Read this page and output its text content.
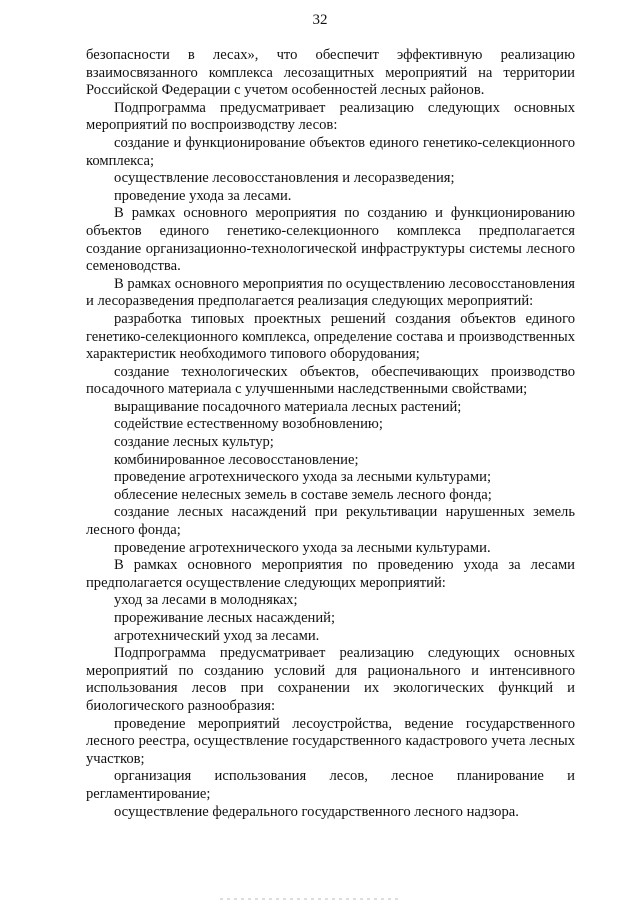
32

безопасности в лесах», что обеспечит эффективную реализацию взаимосвязанного комплекса лесозащитных мероприятий на территории Российской Федерации с учетом особенностей лесных районов.

Подпрограмма предусматривает реализацию следующих основных мероприятий по воспроизводству лесов:

создание и функционирование объектов единого генетико-селекционного комплекса;

осуществление лесовосстановления и лесоразведения;

проведение ухода за лесами.

В рамках основного мероприятия по созданию и функционированию объектов единого генетико-селекционного комплекса предполагается создание организационно-технологической инфраструктуры системы лесного семеноводства.

В рамках основного мероприятия по осуществлению лесовосстановления и лесоразведения предполагается реализация следующих мероприятий:

разработка типовых проектных решений создания объектов единого генетико-селекционного комплекса, определение состава и производственных характеристик необходимого типового оборудования;

создание технологических объектов, обеспечивающих производство посадочного материала с улучшенными наследственными свойствами;

выращивание посадочного материала лесных растений;

содействие естественному возобновлению;

создание лесных культур;

комбинированное лесовосстановление;

проведение агротехнического ухода за лесными культурами;

облесение нелесных земель в составе земель лесного фонда;

создание лесных насаждений при рекультивации нарушенных земель лесного фонда;

проведение агротехнического ухода за лесными культурами.

В рамках основного мероприятия по проведению ухода за лесами предполагается осуществление следующих мероприятий:

уход за лесами в молодняках;

прореживание лесных насаждений;

агротехнический уход за лесами.

Подпрограмма предусматривает реализацию следующих основных мероприятий по созданию условий для рационального и интенсивного использования лесов при сохранении их экологических функций и биологического разнообразия:

проведение мероприятий лесоустройства, ведение государственного лесного реестра, осуществление государственного кадастрового учета лесных участков;

организация использования лесов, лесное планирование и регламентирование;

осуществление федерального государственного лесного надзора.
